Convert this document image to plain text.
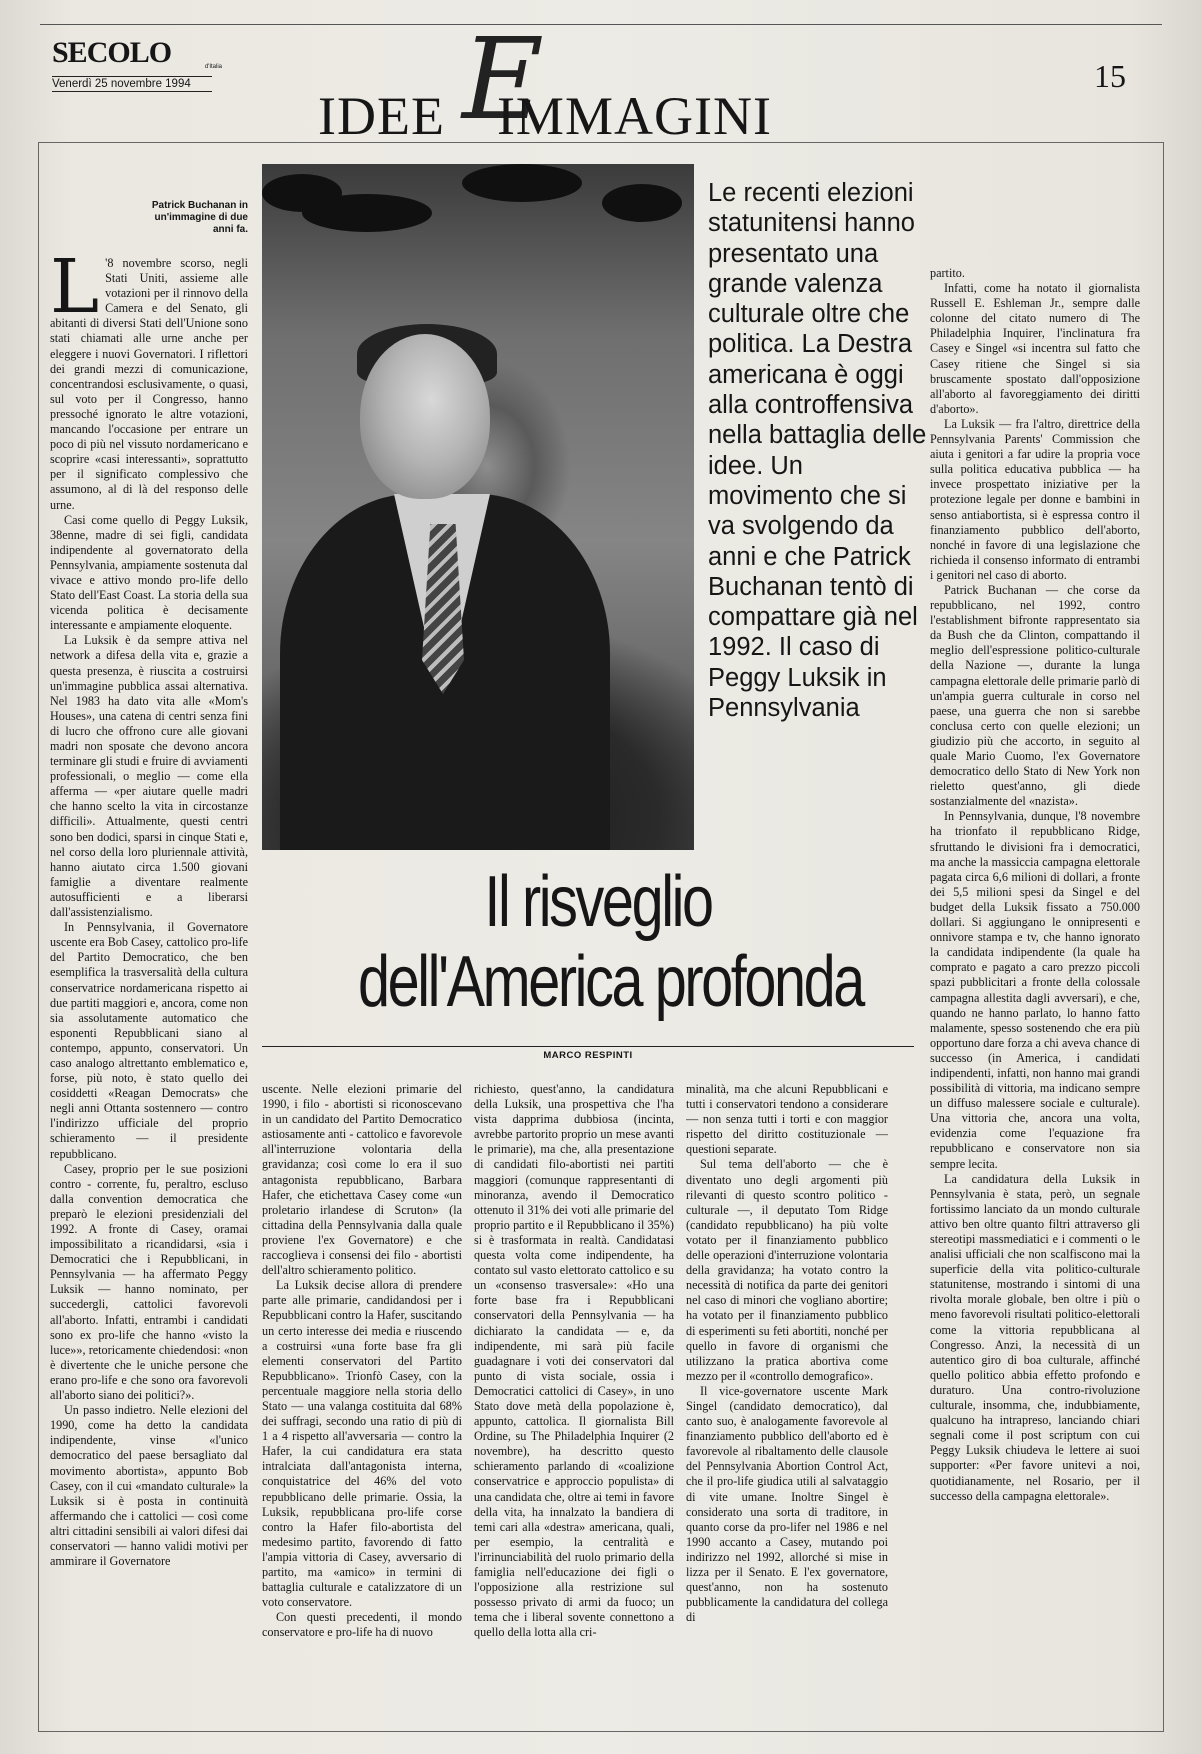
SECOLO	d'Italia
Venerdì 25 novembre 1994 E
IDEE IMMAGINI
15
Patrick Buchanan in un'immagine di due anni fa.

Le recenti elezioni statunitensi hanno presentato una grande valenza culturale oltre che politica. La Destra americana è oggi alla controffensiva nella battaglia delle idee. Un movimento che si va svolgendo da anni e che Patrick Buchanan tentò di compattare già nel 1992. Il caso di Peggy Luksik in Pennsylvania

Il risveglio
dell'America profonda
MARCO RESPINTI

L '8 novembre scorso, negli Stati Uniti, assieme alle votazioni per il rinnovo della Camera e del Senato, gli abitanti di diversi Stati dell'Unione sono stati chiamati alle urne anche per eleggere i nuovi Governatori. I riflettori dei grandi mezzi di comunicazione, concentrandosi esclusivamente, o quasi, sul voto per il Congresso, hanno pressoché ignorato le altre votazioni, mancando l'occasione per entrare un poco di più nel vissuto nordamericano e scoprire «casi interessanti», soprattutto per il significato complessivo che assumono, al di là del responso delle urne.

Casi come quello di Peggy Luksik, 38enne, madre di sei figli, candidata indipendente al governatorato della Pennsylvania, ampiamente sostenuta dal vivace e attivo mondo pro-life dello Stato dell'East Coast. La storia della sua vicenda politica è decisamente interessante e ampiamente eloquente.

La Luksik è da sempre attiva nel network a difesa della vita e, grazie a questa presenza, è riuscita a costruirsi un'immagine pubblica assai alternativa. Nel 1983 ha dato vita alle «Mom's Houses», una catena di centri senza fini di lucro che offrono cure alle giovani madri non sposate che devono ancora terminare gli studi e fruire di avviamenti professionali, o meglio — come ella afferma — «per aiutare quelle madri che hanno scelto la vita in circostanze difficili». Attualmente, questi centri sono ben dodici, sparsi in cinque Stati e, nel corso della loro pluriennale attività, hanno aiutato circa 1.500 giovani famiglie a diventare realmente autosufficienti e a liberarsi dall'assistenzialismo.

In Pennsylvania, il Governatore uscente era Bob Casey, cattolico pro-life del Partito Democratico, che ben esemplifica la trasversalità della cultura conservatrice nordamericana rispetto ai due partiti maggiori e, ancora, come non sia assolutamente automatico che esponenti Repubblicani siano al contempo, appunto, conservatori. Un caso analogo altrettanto emblematico e, forse, più noto, è stato quello dei cosiddetti «Reagan Democrats» che negli anni Ottanta sostennero — contro l'indirizzo ufficiale del proprio schieramento — il presidente repubblicano.

Casey, proprio per le sue posizioni contro - corrente, fu, peraltro, escluso dalla convention democratica che preparò le elezioni presidenziali del 1992. A fronte di Casey, oramai impossibilitato a ricandidarsi, «sia i Democratici che i Repubblicani, in Pennsylvania — ha affermato Peggy Luksik — hanno nominato, per succedergli, cattolici favorevoli all'aborto. Infatti, entrambi i candidati sono ex pro-life che hanno «visto la luce»», retoricamente chiedendosi: «non è divertente che le uniche persone che erano pro-life e che sono ora favorevoli all'aborto siano dei politici?».

Un passo indietro. Nelle elezioni del 1990, come ha detto la candidata indipendente, vinse «l'unico democratico del paese bersagliato dal movimento abortista», appunto Bob Casey, con il cui «mandato culturale» la Luksik si è posta in continuità affermando che i cattolici — così come altri cittadini sensibili ai valori difesi dai conservatori — hanno validi motivi per ammirare il Governatore

uscente. Nelle elezioni primarie del 1990, i filo - abortisti si riconoscevano in un candidato del Partito Democratico astiosamente anti - cattolico e favorevole all'interruzione volontaria della gravidanza; così come lo era il suo antagonista repubblicano, Barbara Hafer, che etichettava Casey come «un proletario irlandese di Scruton» (la cittadina della Pennsylvania dalla quale proviene l'ex Governatore) e che raccoglieva i consensi dei filo - abortisti dell'altro schieramento politico.

La Luksik decise allora di prendere parte alle primarie, candidandosi per i Repubblicani contro la Hafer, suscitando un certo interesse dei media e riuscendo a costruirsi «una forte base fra gli elementi conservatori del Partito Repubblicano». Trionfò Casey, con la percentuale maggiore nella storia dello Stato — una valanga costituita dal 68% dei suffragi, secondo una ratio di più di 1 a 4 rispetto all'avversaria — contro la Hafer, la cui candidatura era stata intralciata dall'antagonista interna, conquistatrice del 46% del voto repubblicano delle primarie. Ossia, la Luksik, repubblicana pro-life corse contro la Hafer filo-abortista del medesimo partito, favorendo di fatto l'ampia vittoria di Casey, avversario di partito, ma «amico» in termini di battaglia culturale e catalizzatore di un voto conservatore.

Con questi precedenti, il mondo conservatore e pro-life ha di nuovo

richiesto, quest'anno, la candidatura della Luksik, una prospettiva che l'ha vista dapprima dubbiosa (incinta, avrebbe partorito proprio un mese avanti le primarie), ma che, alla presentazione di candidati filo-abortisti nei partiti maggiori (comunque rappresentanti di minoranza, avendo il Democratico ottenuto il 31% dei voti alle primarie del proprio partito e il Repubblicano il 35%) si è trasformata in realtà. Candidatasi questa volta come indipendente, ha contato sul vasto elettorato cattolico e su un «consenso trasversale»: «Ho una forte base fra i Repubblicani conservatori della Pennsylvania — ha dichiarato la candidata — e, da indipendente, mi sarà più facile guadagnare i voti dei conservatori dal punto di vista sociale, ossia i Democratici cattolici di Casey», in uno Stato dove metà della popolazione è, appunto, cattolica. Il giornalista Bill Ordine, su The Philadelphia Inquirer (2 novembre), ha descritto questo schieramento parlando di «coalizione conservatrice e approccio populista» di una candidata che, oltre ai temi in favore della vita, ha innalzato la bandiera di temi cari alla «destra» americana, quali, per esempio, la centralità e l'irrinunciabilità del ruolo primario della famiglia nell'educazione dei figli o l'opposizione alla restrizione sul possesso privato di armi da fuoco; un tema che i liberal sovente connettono a quello della lotta alla cri-

minalità, ma che alcuni Repubblicani e tutti i conservatori tendono a considerare — non senza tutti i torti e con maggior rispetto del diritto costituzionale — questioni separate.

Sul tema dell'aborto — che è diventato uno degli argomenti più rilevanti di questo scontro politico - culturale —, il deputato Tom Ridge (candidato repubblicano) ha più volte votato per il finanziamento pubblico delle operazioni d'interruzione volontaria della gravidanza; ha votato contro la necessità di notifica da parte dei genitori nel caso di minori che vogliano abortire; ha votato per il finanziamento pubblico di esperimenti su feti abortiti, nonché per quello in favore di organismi che utilizzano la pratica abortiva come mezzo per il «controllo demografico».

Il vice-governatore uscente Mark Singel (candidato democratico), dal canto suo, è analogamente favorevole al finanziamento pubblico dell'aborto ed è favorevole al ribaltamento delle clausole del Pennsylvania Abortion Control Act, che il pro-life giudica utili al salvataggio di vite umane. Inoltre Singel è considerato una sorta di traditore, in quanto corse da pro-lifer nel 1986 e nel 1990 accanto a Casey, mutando poi indirizzo nel 1992, allorché si mise in lizza per il Senato. E l'ex governatore, quest'anno, non ha sostenuto pubblicamente la candidatura del collega di

partito.

Infatti, come ha notato il giornalista Russell E. Eshleman Jr., sempre dalle colonne del citato numero di The Philadelphia Inquirer, l'inclinatura fra Casey e Singel «si incentra sul fatto che Casey ritiene che Singel si sia bruscamente spostato dall'opposizione all'aborto al favoreggiamento dei diritti d'aborto».

La Luksik — fra l'altro, direttrice della Pennsylvania Parents' Commission che aiuta i genitori a far udire la propria voce sulla politica educativa pubblica — ha invece prospettato iniziative per la protezione legale per donne e bambini in senso antiabortista, si è espressa contro il finanziamento pubblico dell'aborto, nonché in favore di una legislazione che richieda il consenso informato di entrambi i genitori nel caso di aborto.

Patrick Buchanan — che corse da repubblicano, nel 1992, contro l'establishment bifronte rappresentato sia da Bush che da Clinton, compattando il meglio dell'espressione politico-culturale della Nazione —, durante la lunga campagna elettorale delle primarie parlò di un'ampia guerra culturale in corso nel paese, una guerra che non si sarebbe conclusa certo con quelle elezioni; un giudizio più che accorto, in seguito al quale Mario Cuomo, l'ex Governatore democratico dello Stato di New York non rieletto quest'anno, gli diede sostanzialmente del «nazista».

In Pennsylvania, dunque, l'8 novembre ha trionfato il repubblicano Ridge, sfruttando le divisioni fra i democratici, ma anche la massiccia campagna elettorale pagata circa 6,6 milioni di dollari, a fronte dei 5,5 milioni spesi da Singel e del budget della Luksik fissato a 750.000 dollari. Si aggiungano le onnipresenti e onnivore stampa e tv, che hanno ignorato la candidata indipendente (la quale ha comprato e pagato a caro prezzo piccoli spazi pubblicitari a fronte della colossale campagna allestita dagli avversari), e che, quando ne hanno parlato, lo hanno fatto malamente, spesso sostenendo che era più opportuno dare forza a chi aveva chance di successo (in America, i candidati indipendenti, infatti, non hanno mai grandi possibilità di vittoria, ma indicano sempre un diffuso malessere sociale e culturale). Una vittoria che, ancora una volta, evidenzia come l'equazione fra repubblicano e conservatore non sia sempre lecita.

La candidatura della Luksik in Pennsylvania è stata, però, un segnale fortissimo lanciato da un mondo culturale attivo ben oltre quanto filtri attraverso gli stereotipi massmediatici e i commenti o le analisi ufficiali che non scalfiscono mai la superficie della vita politico-culturale statunitense, mostrando i sintomi di una rivolta morale globale, ben oltre i più o meno favorevoli risultati politico-elettorali come la vittoria repubblicana al Congresso. Anzi, la necessità di un autentico giro di boa culturale, affinché quello politico abbia effetto profondo e duraturo. Una contro-rivoluzione culturale, insomma, che, indubbiamente, qualcuno ha intrapreso, lanciando chiari segnali come il post scriptum con cui Peggy Luksik chiudeva le lettere ai suoi supporter: «Per favore unitevi a noi, quotidianamente, nel Rosario, per il successo della campagna elettorale».
